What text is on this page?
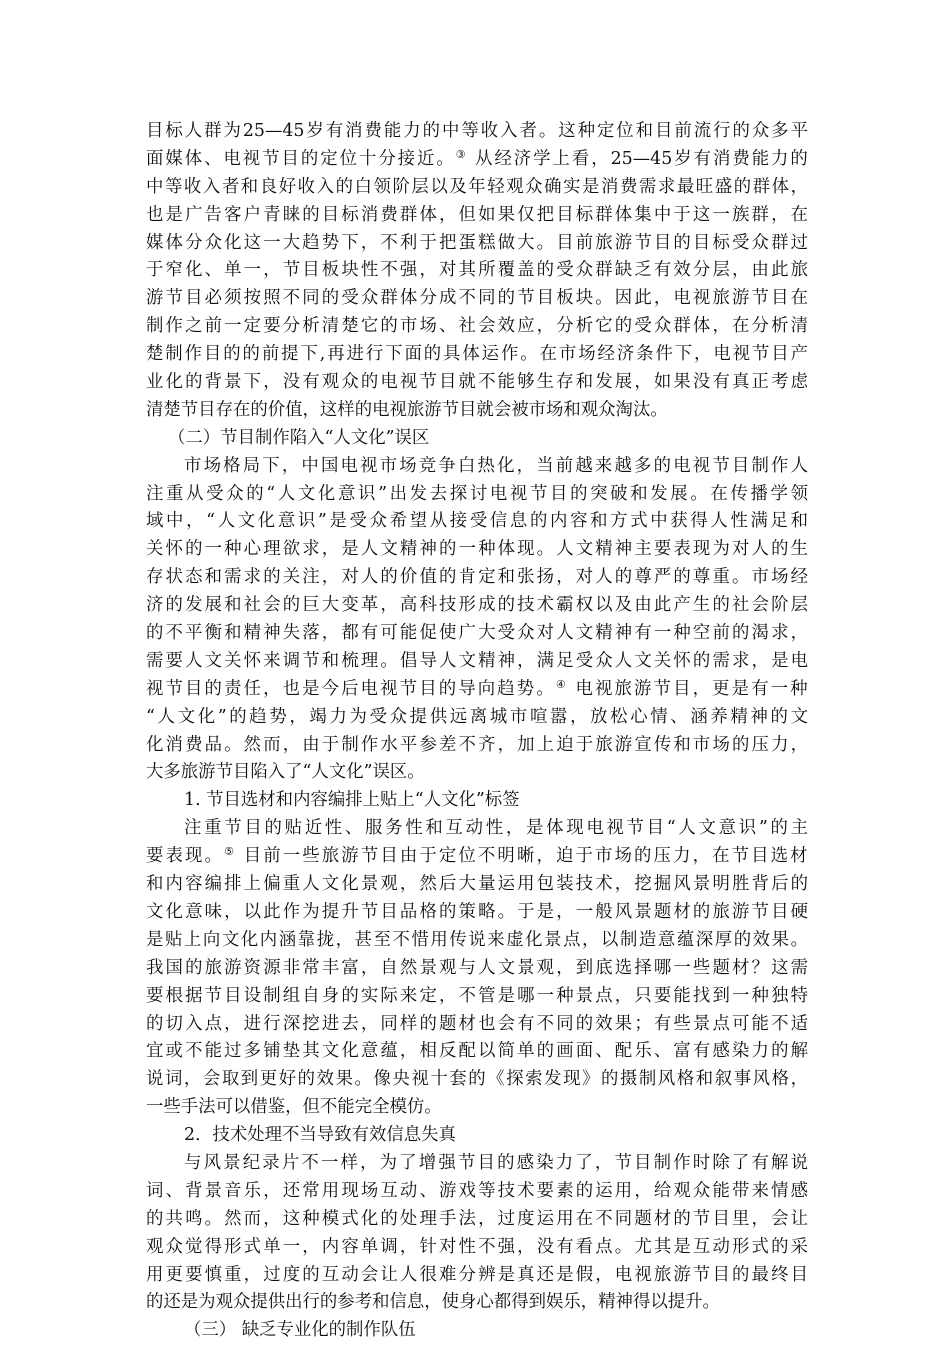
目标人群为25—45岁有消费能力的中等收入者。这种定位和目前流行的众多平
面媒体、电视节目的定位十分接近。③ 从经济学上看，25—45岁有消费能力的
中等收入者和良好收入的白领阶层以及年轻观众确实是消费需求最旺盛的群体，
也是广告客户青睐的目标消费群体，但如果仅把目标群体集中于这一族群，在
媒体分众化这一大趋势下，不利于把蛋糕做大。目前旅游节目的目标受众群过
于窄化、单一，节目板块性不强，对其所覆盖的受众群缺乏有效分层，由此旅
游节目必须按照不同的受众群体分成不同的节目板块。因此，电视旅游节目在
制作之前一定要分析清楚它的市场、社会效应，分析它的受众群体，在分析清
楚制作目的的前提下,再进行下面的具体运作。在市场经济条件下，电视节目产
业化的背景下，没有观众的电视节目就不能够生存和发展，如果没有真正考虑
清楚节目存在的价值，这样的电视旅游节目就会被市场和观众淘汰。
（二）节目制作陷入“人文化”误区
市场格局下，中国电视市场竞争白热化，当前越来越多的电视节目制作人
注重从受众的“人文化意识”出发去探讨电视节目的突破和发展。在传播学领
域中，“人文化意识”是受众希望从接受信息的内容和方式中获得人性满足和
关怀的一种心理欲求，是人文精神的一种体现。人文精神主要表现为对人的生
存状态和需求的关注，对人的价值的肯定和张扬，对人的尊严的尊重。市场经
济的发展和社会的巨大变革，高科技形成的技术霸权以及由此产生的社会阶层
的不平衡和精神失落，都有可能促使广大受众对人文精神有一种空前的渴求，
需要人文关怀来调节和梳理。倡导人文精神，满足受众人文关怀的需求，是电
视节目的责任，也是今后电视节目的导向趋势。④ 电视旅游节目，更是有一种
“人文化”的趋势，竭力为受众提供远离城市喧嚣，放松心情、涵养精神的文
化消费品。然而，由于制作水平参差不齐，加上迫于旅游宣传和市场的压力，
大多旅游节目陷入了“人文化”误区。
1. 节目选材和内容编排上贴上“人文化”标签
注重节目的贴近性、服务性和互动性，是体现电视节目“人文意识”的主
要表现。⑤ 目前一些旅游节目由于定位不明晰，迫于市场的压力，在节目选材
和内容编排上偏重人文化景观，然后大量运用包装技术，挖掘风景明胜背后的
文化意味，以此作为提升节目品格的策略。于是，一般风景题材的旅游节目硬
是贴上向文化内涵靠拢，甚至不惜用传说来虚化景点，以制造意蕴深厚的效果。
我国的旅游资源非常丰富，自然景观与人文景观，到底选择哪一些题材？这需
要根据节目设制组自身的实际来定，不管是哪一种景点，只要能找到一种独特
的切入点，进行深挖进去，同样的题材也会有不同的效果；有些景点可能不适
宜或不能过多铺垫其文化意蕴，相反配以简单的画面、配乐、富有感染力的解
说词，会取到更好的效果。像央视十套的《探索发现》的摄制风格和叙事风格，
一些手法可以借鉴，但不能完全模仿。
2．技术处理不当导致有效信息失真
与风景纪录片不一样，为了增强节目的感染力了，节目制作时除了有解说
词、背景音乐，还常用现场互动、游戏等技术要素的运用，给观众能带来情感
的共鸣。然而，这种模式化的处理手法，过度运用在不同题材的节目里，会让
观众觉得形式单一，内容单调，针对性不强，没有看点。尤其是互动形式的采
用更要慎重，过度的互动会让人很难分辨是真还是假，电视旅游节目的最终目
的还是为观众提供出行的参考和信息，使身心都得到娱乐，精神得以提升。
（三） 缺乏专业化的制作队伍
